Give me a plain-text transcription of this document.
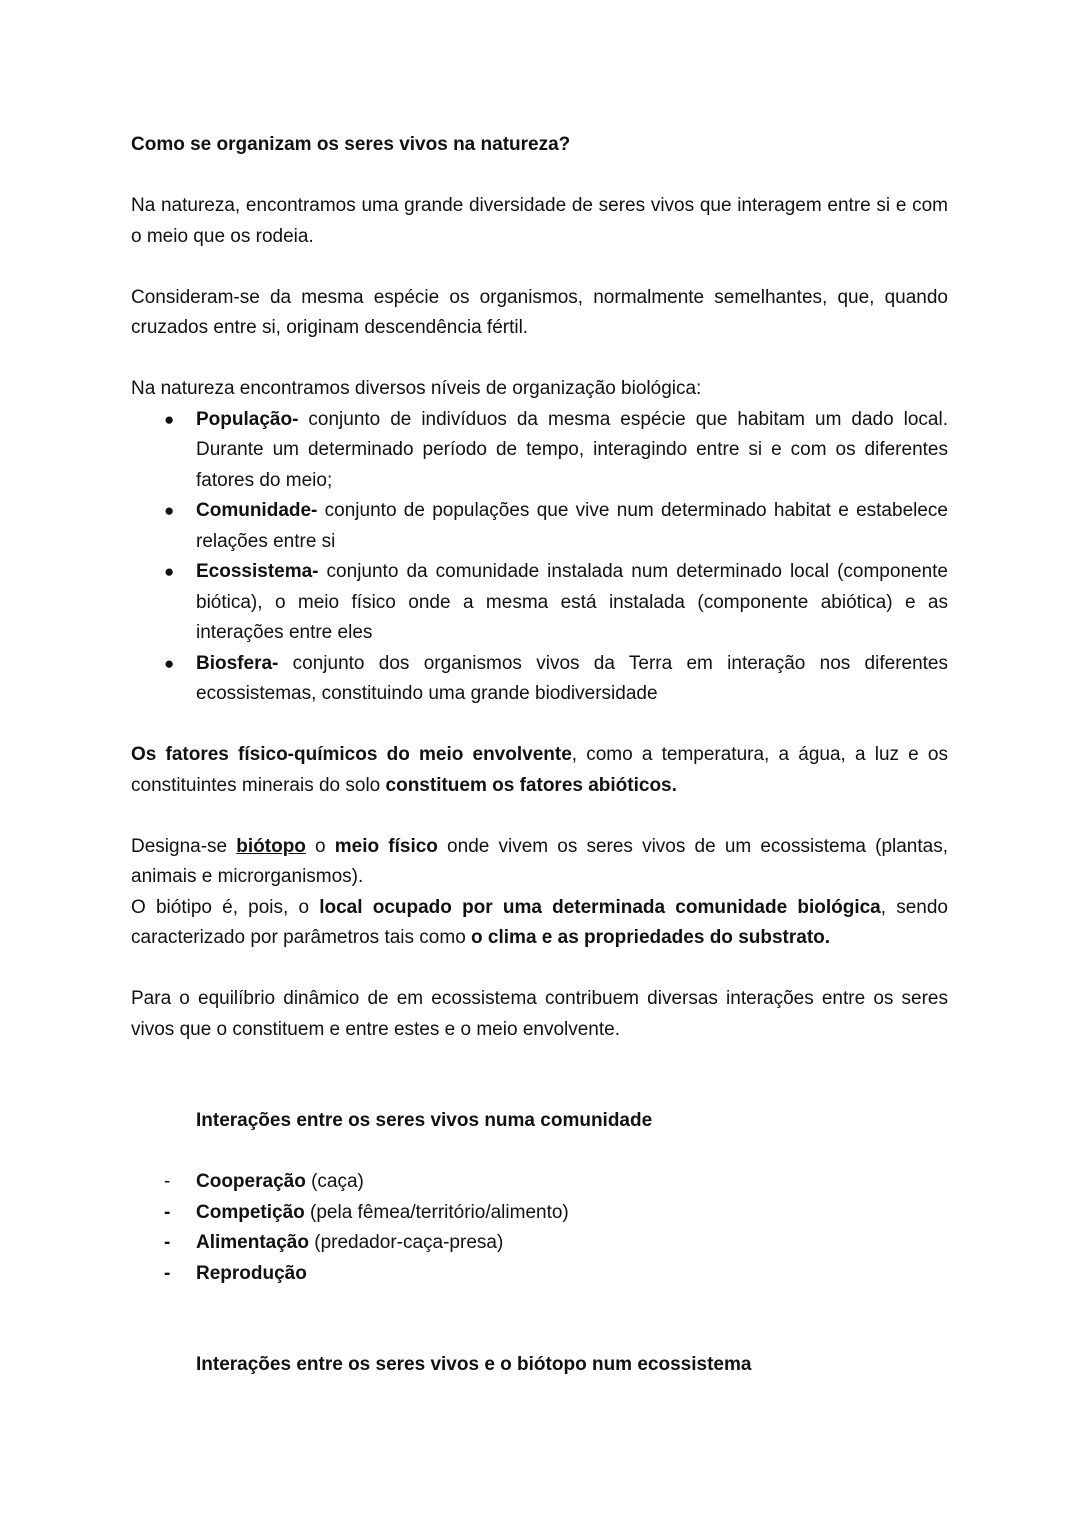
Como se organizam os seres vivos na natureza?

Na natureza, encontramos uma grande diversidade de seres vivos que interagem entre si e com o meio que os rodeia.

Consideram-se da mesma espécie os organismos, normalmente semelhantes, que, quando cruzados entre si, originam descendência fértil.

Na natureza encontramos diversos níveis de organização biológica:

● População- conjunto de indivíduos da mesma espécie que habitam um dado local. Durante um determinado período de tempo, interagindo entre si e com os diferentes fatores do meio;
● Comunidade- conjunto de populações que vive num determinado habitat e estabelece relações entre si
● Ecossistema- conjunto da comunidade instalada num determinado local (componente biótica), o meio físico onde a mesma está instalada (componente abiótica) e as interações entre eles
● Biosfera- conjunto dos organismos vivos da Terra em interação nos diferentes ecossistemas, constituindo uma grande biodiversidade

Os fatores físico-químicos do meio envolvente, como a temperatura, a água, a luz e os constituintes minerais do solo constituem os fatores abióticos.

Designa-se biótopo o meio físico onde vivem os seres vivos de um ecossistema (plantas, animais e microrganismos).

O biótipo é, pois, o local ocupado por uma determinada comunidade biológica, sendo caracterizado por parâmetros tais como o clima e as propriedades do substrato.

Para o equilíbrio dinâmico de em ecossistema contribuem diversas interações entre os seres vivos que o constituem e entre estes e o meio envolvente.

Interações entre os seres vivos numa comunidade

- Cooperação (caça)
- Competição (pela fêmea/território/alimento)
- Alimentação (predador-caça-presa)
- Reprodução

Interações entre os seres vivos e o biótopo num ecossistema
